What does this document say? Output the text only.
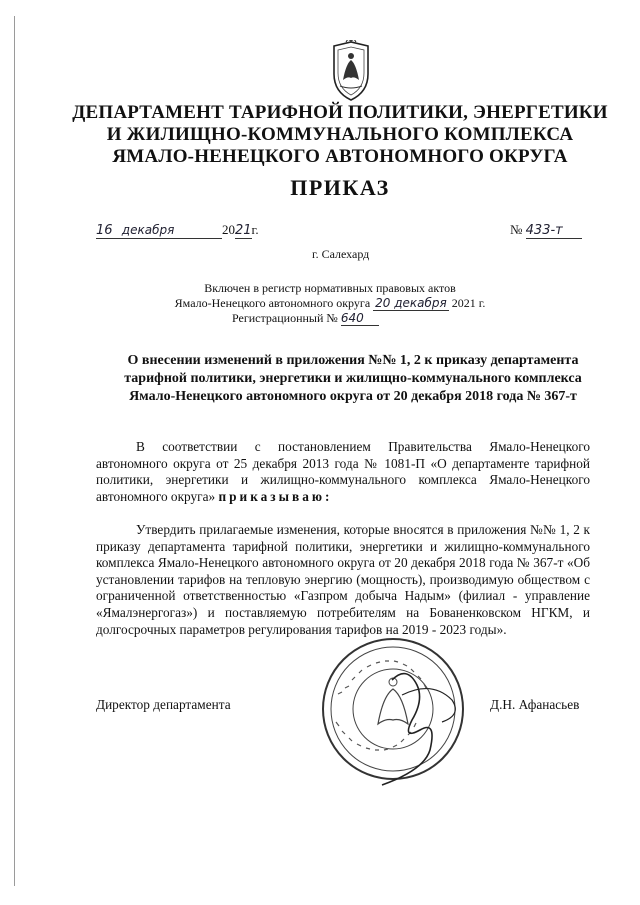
ДЕПАРТАМЕНТ ТАРИФНОЙ ПОЛИТИКИ, ЭНЕРГЕТИКИ
И ЖИЛИЩНО-КОММУНАЛЬНОГО КОМПЛЕКСА
ЯМАЛО-НЕНЕЦКОГО АВТОНОМНОГО ОКРУГА
ПРИКАЗ
16 декабря	2021г.	№ 433-т
г. Салехард
Включен в регистр нормативных правовых актов
Ямало-Ненецкого автономного округа 20 декабря 2021 г.
Регистрационный № 640
О внесении изменений в приложения №№ 1, 2 к приказу департамента
тарифной политики, энергетики и жилищно-коммунального комплекса
Ямало-Ненецкого автономного округа от 20 декабря 2018 года № 367-т
В соответствии с постановлением Правительства Ямало-Ненецкого автономного округа от 25 декабря 2013 года № 1081-П «О департаменте тарифной политики, энергетики и жилищно-коммунального комплекса Ямало-Ненецкого автономного округа» приказываю:
Утвердить прилагаемые изменения, которые вносятся в приложения №№ 1, 2 к приказу департамента тарифной политики, энергетики и жилищно-коммунального комплекса Ямало-Ненецкого автономного округа от 20 декабря 2018 года № 367-т «Об установлении тарифов на тепловую энергию (мощность), производимую обществом с ограниченной ответственностью «Газпром добыча Надым» (филиал - управление «Ямалэнергогаз») и поставляемую потребителям на Бованенковском НГКМ, и долгосрочных параметров регулирования тарифов на 2019 - 2023 годы».
Директор департамента	Д.Н. Афанасьев
